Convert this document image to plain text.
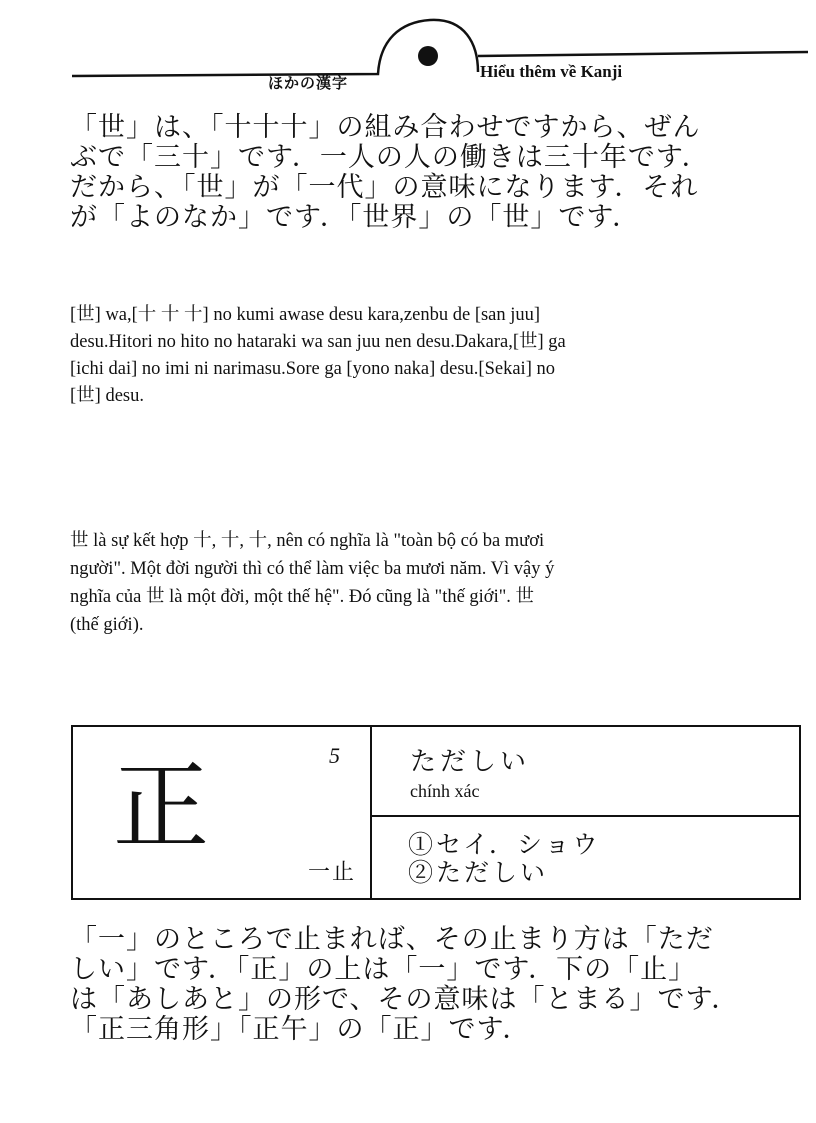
ほかの漢字
Hiểu thêm về Kanji

「世」は、「十十十」の組み合わせですから、ぜん
ぶで「三十」です．一人の人の働きは三十年です．
だから、「世」が「一代」の意味になります．それ
が「よのなか」です．「世界」の「世」です．

[世] wa,[十 十 十] no kumi awase desu kara,zenbu de [san juu]
desu.Hitori no hito no hataraki wa san juu nen desu.Dakara,[世] ga
[ichi dai] no imi ni narimasu.Sore ga [yono naka] desu.[Sekai] no
[世] desu.

世 là sự kết hợp 十, 十, 十, nên có nghĩa là "toàn bộ có ba mươi
người". Một đời người thì có thể làm việc ba mươi năm. Vì vậy ý
nghĩa của 世 là một đời, một thế hệ". Đó cũng là "thế giới". 世
(thế giới).

正	5
一止
ただしい
chính xác
①セイ．ショウ
②ただしい

「一」のところで止まれば、その止まり方は「ただ
しい」です．「正」の上は「一」です．下の「止」
は「あしあと」の形で、その意味は「とまる」です．
「正三角形」「正午」の「正」です．
